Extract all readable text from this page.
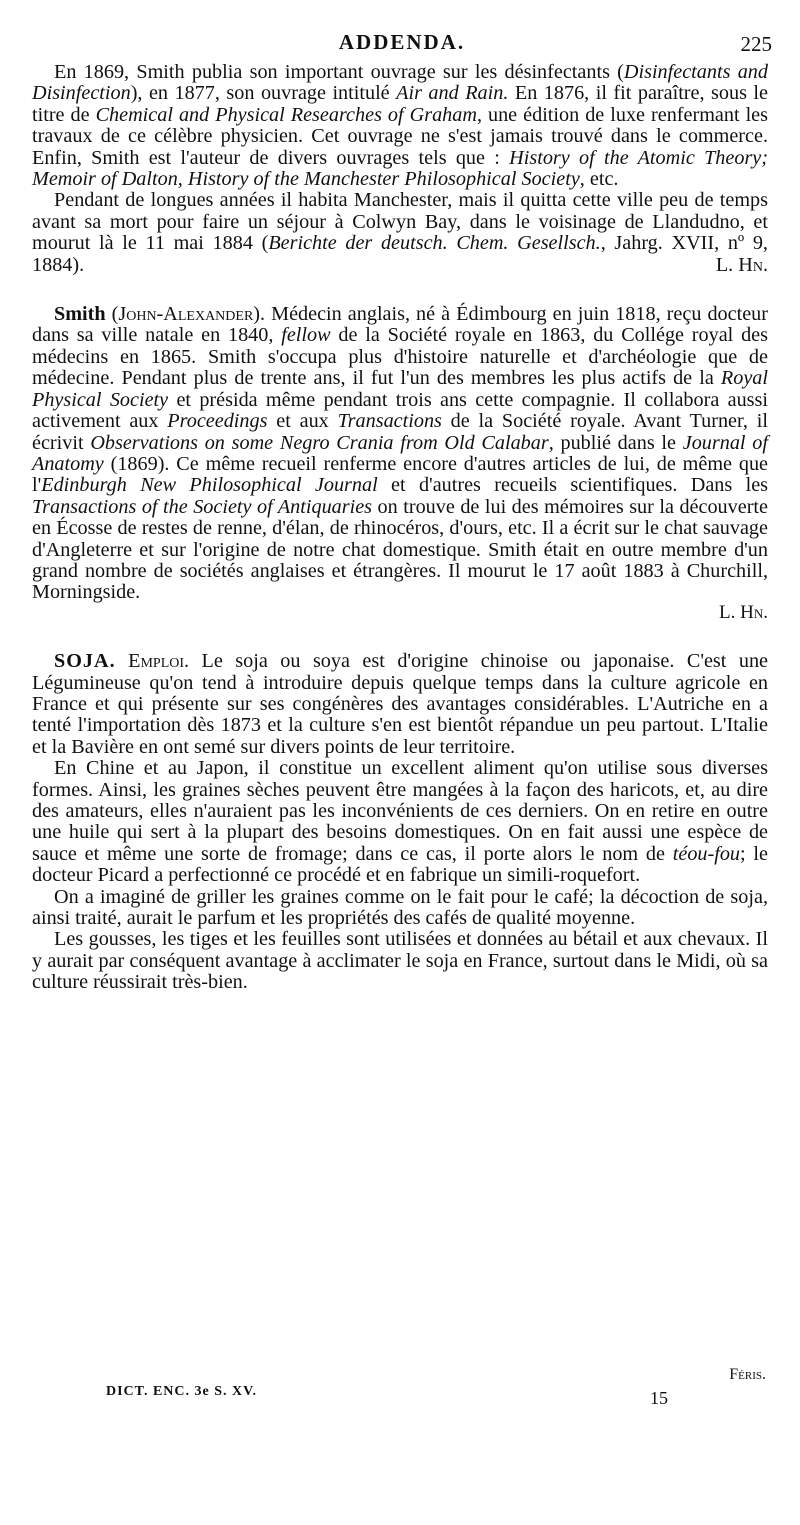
ADDENDA.	225

En 1869, Smith publia son important ouvrage sur les désinfectants (Disinfectants and Disinfection), en 1877, son ouvrage intitulé Air and Rain. En 1876, il fit paraître, sous le titre de Chemical and Physical Researches of Graham, une édition de luxe renfermant les travaux de ce célèbre physicien. Cet ouvrage ne s'est jamais trouvé dans le commerce. Enfin, Smith est l'auteur de divers ouvrages tels que : History of the Atomic Theory; Memoir of Dalton, History of the Manchester Philosophical Society, etc.

Pendant de longues années il habita Manchester, mais il quitta cette ville peu de temps avant sa mort pour faire un séjour à Colwyn Bay, dans le voisinage de Llandudno, et mourut là le 11 mai 1884 (Berichte der deutsch. Chem. Gesellsch., Jahrg. XVII, nº 9, 1884).	L. Hn.

Smith (John-Alexander). Médecin anglais, né à Édimbourg en juin 1818, reçu docteur dans sa ville natale en 1840, fellow de la Société royale en 1863, du Collége royal des médecins en 1865. Smith s'occupa plus d'histoire naturelle et d'archéologie que de médecine. Pendant plus de trente ans, il fut l'un des membres les plus actifs de la Royal Physical Society et présida même pendant trois ans cette compagnie. Il collabora aussi activement aux Proceedings et aux Transactions de la Société royale. Avant Turner, il écrivit Observations on some Negro Crania from Old Calabar, publié dans le Journal of Anatomy (1869). Ce même recueil renferme encore d'autres articles de lui, de même que l'Edinburgh New Philosophical Journal et d'autres recueils scientifiques. Dans les Transactions of the Society of Antiquaries on trouve de lui des mémoires sur la découverte en Écosse de restes de renne, d'élan, de rhinocéros, d'ours, etc. Il a écrit sur le chat sauvage d'Angleterre et sur l'origine de notre chat domestique. Smith était en outre membre d'un grand nombre de sociétés anglaises et étrangères. Il mourut le 17 août 1883 à Churchill, Morningside.

L. Hn.

SOJA. Emploi. Le soja ou soya est d'origine chinoise ou japonaise. C'est une Légumineuse qu'on tend à introduire depuis quelque temps dans la culture agricole en France et qui présente sur ses congénères des avantages considérables. L'Autriche en a tenté l'importation dès 1873 et la culture s'en est bientôt répandue un peu partout. L'Italie et la Bavière en ont semé sur divers points de leur territoire.

En Chine et au Japon, il constitue un excellent aliment qu'on utilise sous diverses formes. Ainsi, les graines sèches peuvent être mangées à la façon des haricots, et, au dire des amateurs, elles n'auraient pas les inconvénients de ces derniers. On en retire en outre une huile qui sert à la plupart des besoins domestiques. On en fait aussi une espèce de sauce et même une sorte de fromage; dans ce cas, il porte alors le nom de téou-fou; le docteur Picard a perfectionné ce procédé et en fabrique un simili-roquefort.

On a imaginé de griller les graines comme on le fait pour le café; la décoction de soja, ainsi traité, aurait le parfum et les propriétés des cafés de qualité moyenne.

Les gousses, les tiges et les feuilles sont utilisées et données au bétail et aux chevaux. Il y aurait par conséquent avantage à acclimater le soja en France, surtout dans le Midi, où sa culture réussirait très-bien.

Féris.
DICT. ENC. 3e S. XV.	15
